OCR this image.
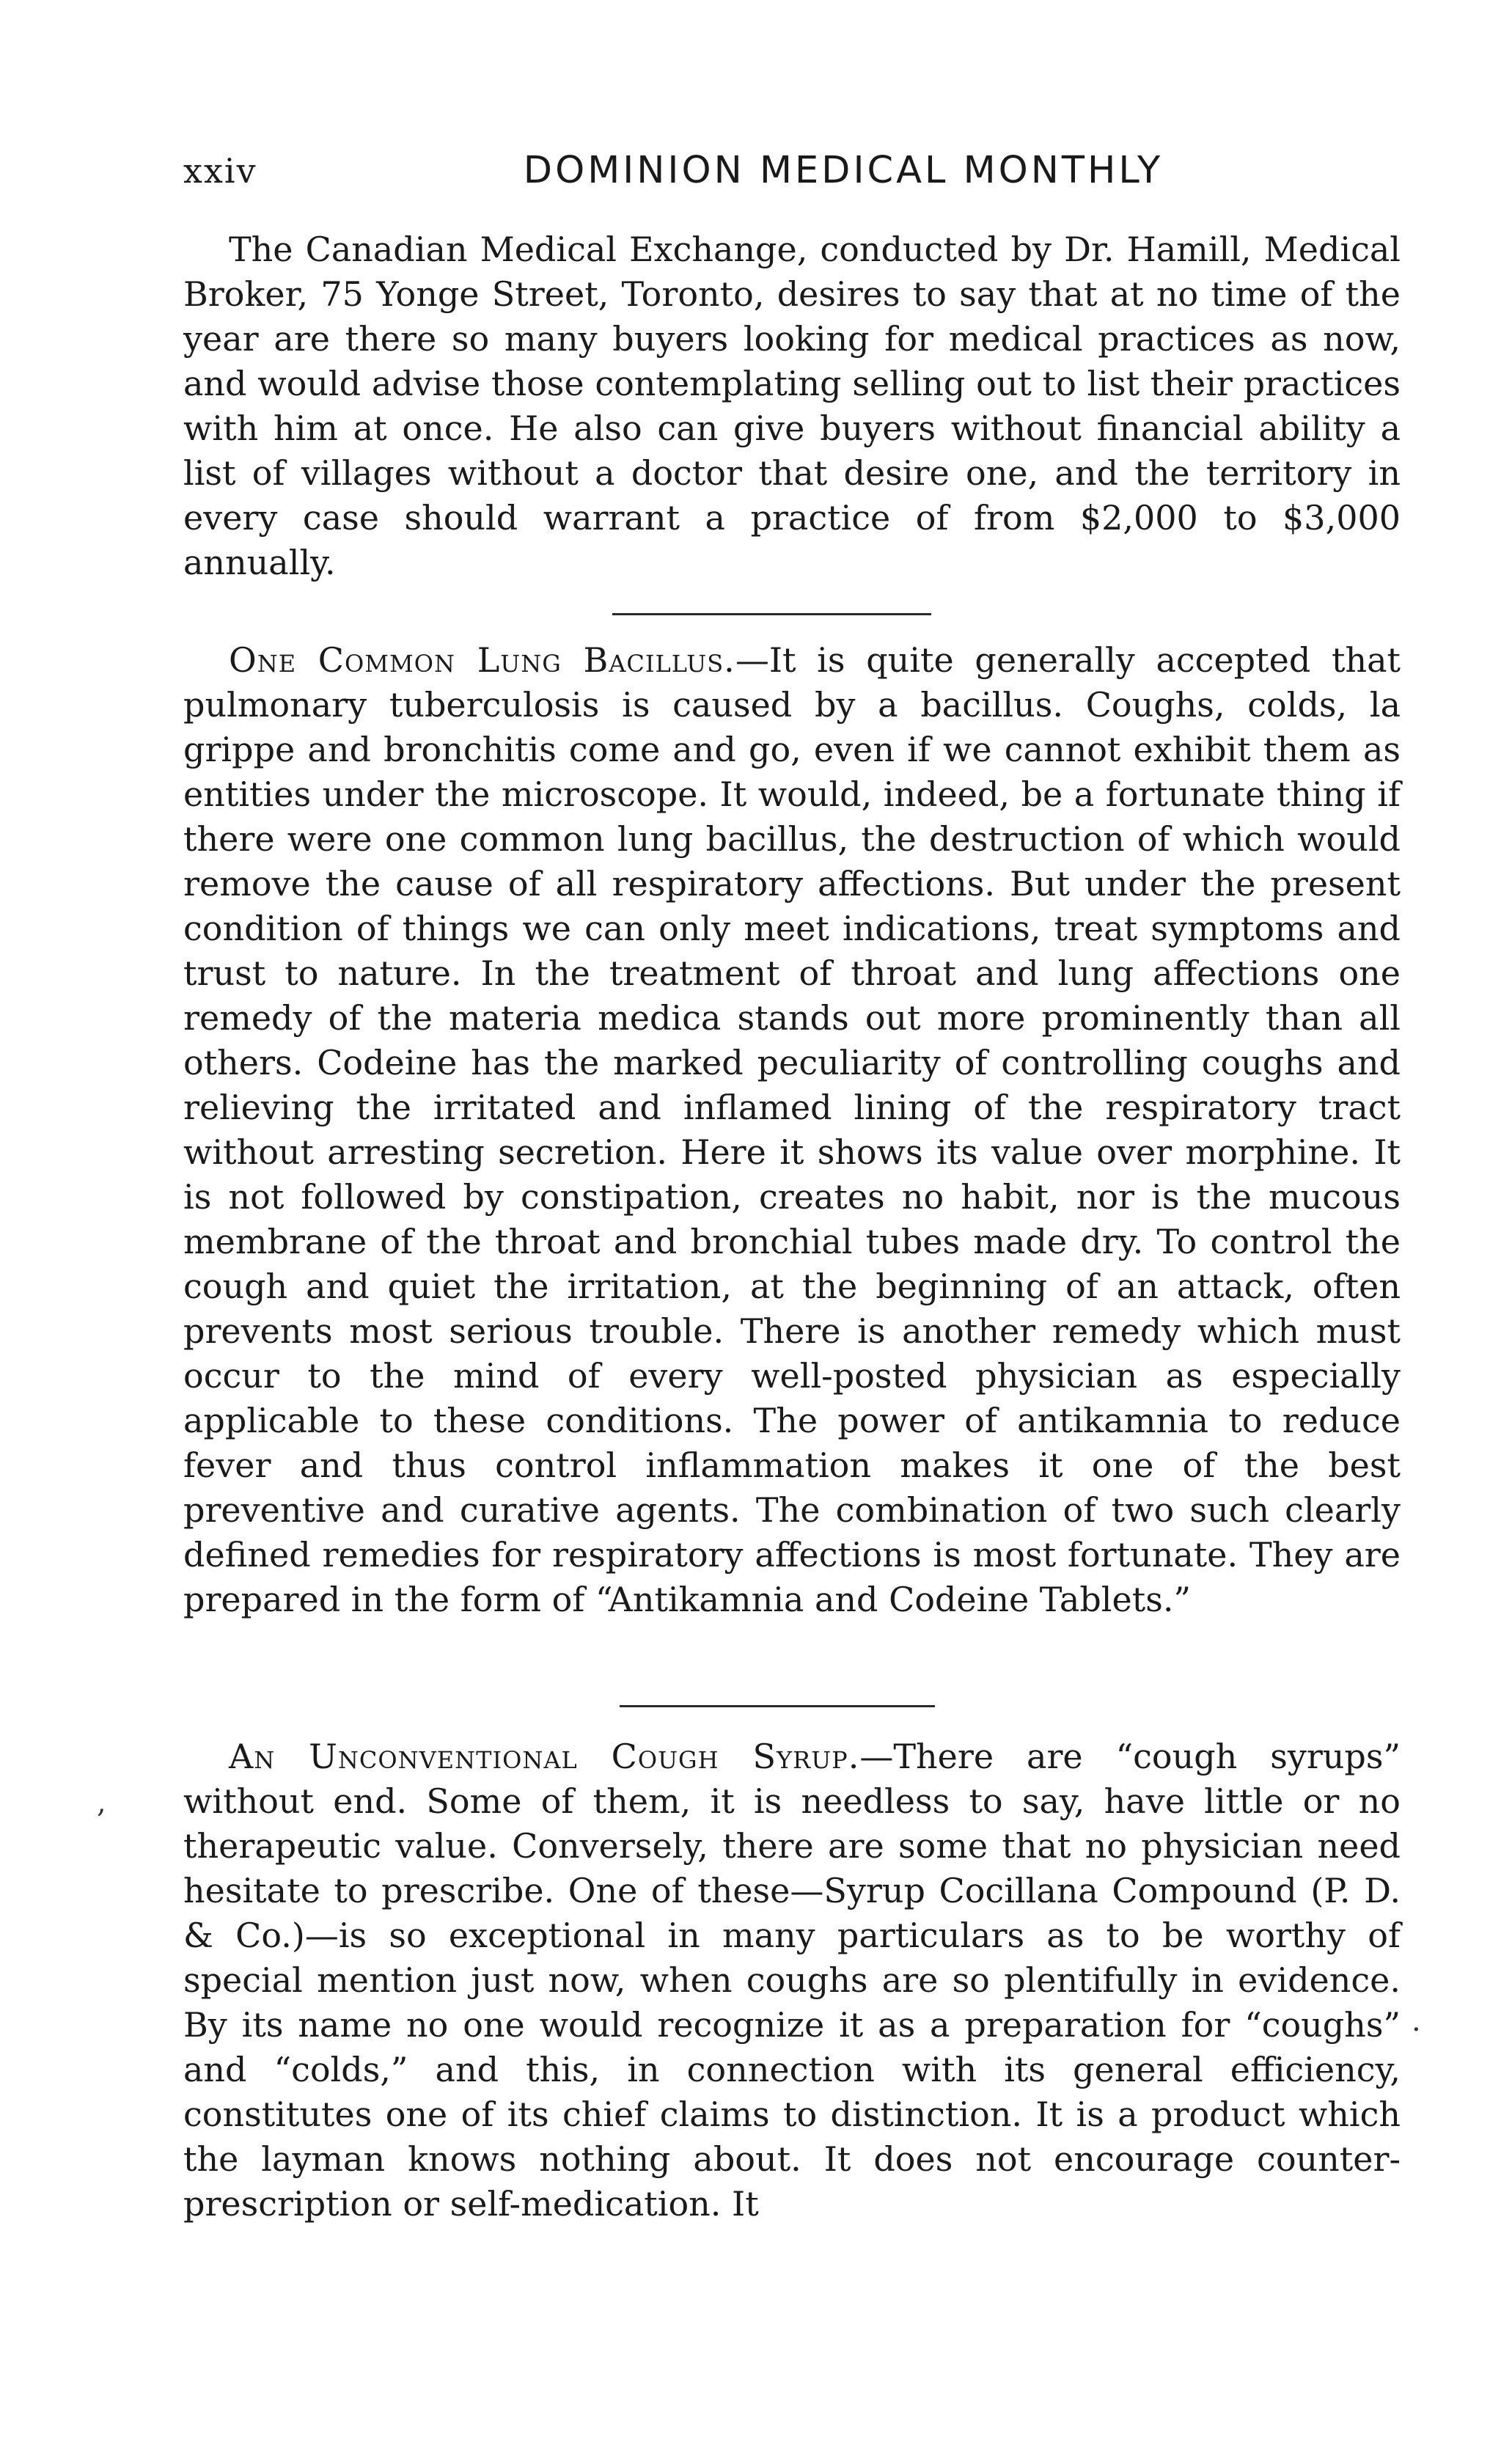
xxiv	DOMINION MEDICAL MONTHLY

The Canadian Medical Exchange, conducted by Dr. Hamill, Medical Broker, 75 Yonge Street, Toronto, desires to say that at no time of the year are there so many buyers looking for medical practices as now, and would advise those contemplating selling out to list their practices with him at once. He also can give buyers without financial ability a list of villages without a doctor that desire one, and the territory in every case should warrant a practice of from $2,000 to $3,000 annually.

One Common Lung Bacillus.—It is quite generally accepted that pulmonary tuberculosis is caused by a bacillus. Coughs, colds, la grippe and bronchitis come and go, even if we cannot exhibit them as entities under the microscope. It would, indeed, be a fortunate thing if there were one common lung bacillus, the destruction of which would remove the cause of all respiratory affections. But under the present condition of things we can only meet indications, treat symptoms and trust to nature. In the treatment of throat and lung affections one remedy of the materia medica stands out more prominently than all others. Codeine has the marked peculiarity of controlling coughs and relieving the irritated and inflamed lining of the respiratory tract without arresting secretion. Here it shows its value over morphine. It is not followed by constipation, creates no habit, nor is the mucous membrane of the throat and bronchial tubes made dry. To control the cough and quiet the irritation, at the beginning of an attack, often prevents most serious trouble. There is another remedy which must occur to the mind of every well-posted physician as especially applicable to these conditions. The power of antikamnia to reduce fever and thus control inflammation makes it one of the best preventive and curative agents. The combination of two such clearly defined remedies for respiratory affections is most fortunate. They are prepared in the form of “Antikamnia and Codeine Tablets.”

An Unconventional Cough Syrup.—There are “cough syrups” without end. Some of them, it is needless to say, have little or no therapeutic value. Conversely, there are some that no physician need hesitate to prescribe. One of these—Syrup Cocillana Compound (P. D. & Co.)—is so exceptional in many particulars as to be worthy of special mention just now, when coughs are so plentifully in evidence. By its name no one would recognize it as a preparation for “coughs” and “colds,” and this, in connection with its general efficiency, constitutes one of its chief claims to distinction. It is a product which the layman knows nothing about. It does not encourage counter-prescription or self-medication. It

,
·
